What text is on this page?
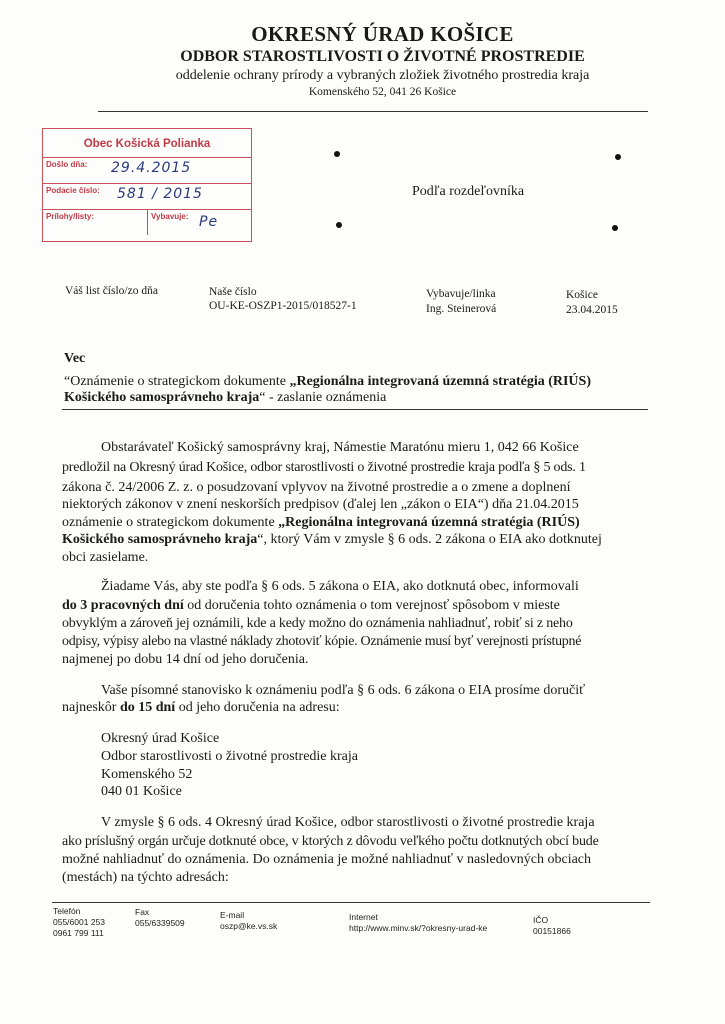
OKRESNÝ ÚRAD KOŠICE
ODBOR STAROSTLIVOSTI O ŽIVOTNÉ PROSTREDIE
oddelenie ochrany prírody a vybraných zložiek životného prostredia kraja
Komenského 52, 041 26 Košice
Obec Košická Polianka
Došlo dňa: 29.4.2015
Podacie číslo: 581 / 2015
Prílohy/listy:	Vybavuje: Pe
Podľa rozdeľovníka
Váš list číslo/zo dňa	Naše číslo
OU-KE-OSZP1-2015/018527-1
Vybavuje/linka
Ing. Steinerová
Košice
23.04.2015
Vec
“Oznámenie o strategickom dokumente „Regionálna integrovaná územná stratégia (RIÚS)
Košického samosprávneho kraja“ - zaslanie oznámenia
Obstarávateľ Košický samosprávny kraj, Námestie Maratónu mieru 1, 042 66 Košice
predložil na Okresný úrad Košice, odbor starostlivosti o životné prostredie kraja podľa § 5 ods. 1
zákona č. 24/2006 Z. z. o posudzovaní vplyvov na životné prostredie a o zmene a doplnení
niektorých zákonov v znení neskorších predpisov (ďalej len „zákon o EIA“) dňa 21.04.2015
oznámenie o strategickom dokumente „Regionálna integrovaná územná stratégia (RIÚS)
Košického samosprávneho kraja“, ktorý Vám v zmysle § 6 ods. 2 zákona o EIA ako dotknutej
obci zasielame.
Žiadame Vás, aby ste podľa § 6 ods. 5 zákona o EIA, ako dotknutá obec, informovali
do 3 pracovných dní od doručenia tohto oznámenia o tom verejnosť spôsobom v mieste
obvyklým a zároveň jej oznámili, kde a kedy možno do oznámenia nahliadnuť, robiť si z neho
odpisy, výpisy alebo na vlastné náklady zhotoviť kópie. Oznámenie musí byť verejnosti prístupné
najmenej po dobu 14 dní od jeho doručenia.
Vaše písomné stanovisko k oznámeniu podľa § 6 ods. 6 zákona o EIA prosíme doručiť
najneskôr do 15 dní od jeho doručenia na adresu:
Okresný úrad Košice
Odbor starostlivosti o životné prostredie kraja
Komenského 52
040 01 Košice
V zmysle § 6 ods. 4 Okresný úrad Košice, odbor starostlivosti o životné prostredie kraja
ako príslušný orgán určuje dotknuté obce, v ktorých z dôvodu veľkého počtu dotknutých obcí bude
možné nahliadnuť do oznámenia. Do oznámenia je možné nahliadnuť v nasledovných obciach
(mestách) na týchto adresách:
Telefón
055/6001 253
0961 799 111
Fax
055/6339509
E-mail
oszp@ke.vs.sk
Internet
http://www.minv.sk/?okresny-urad-ke
IČO
00151866
